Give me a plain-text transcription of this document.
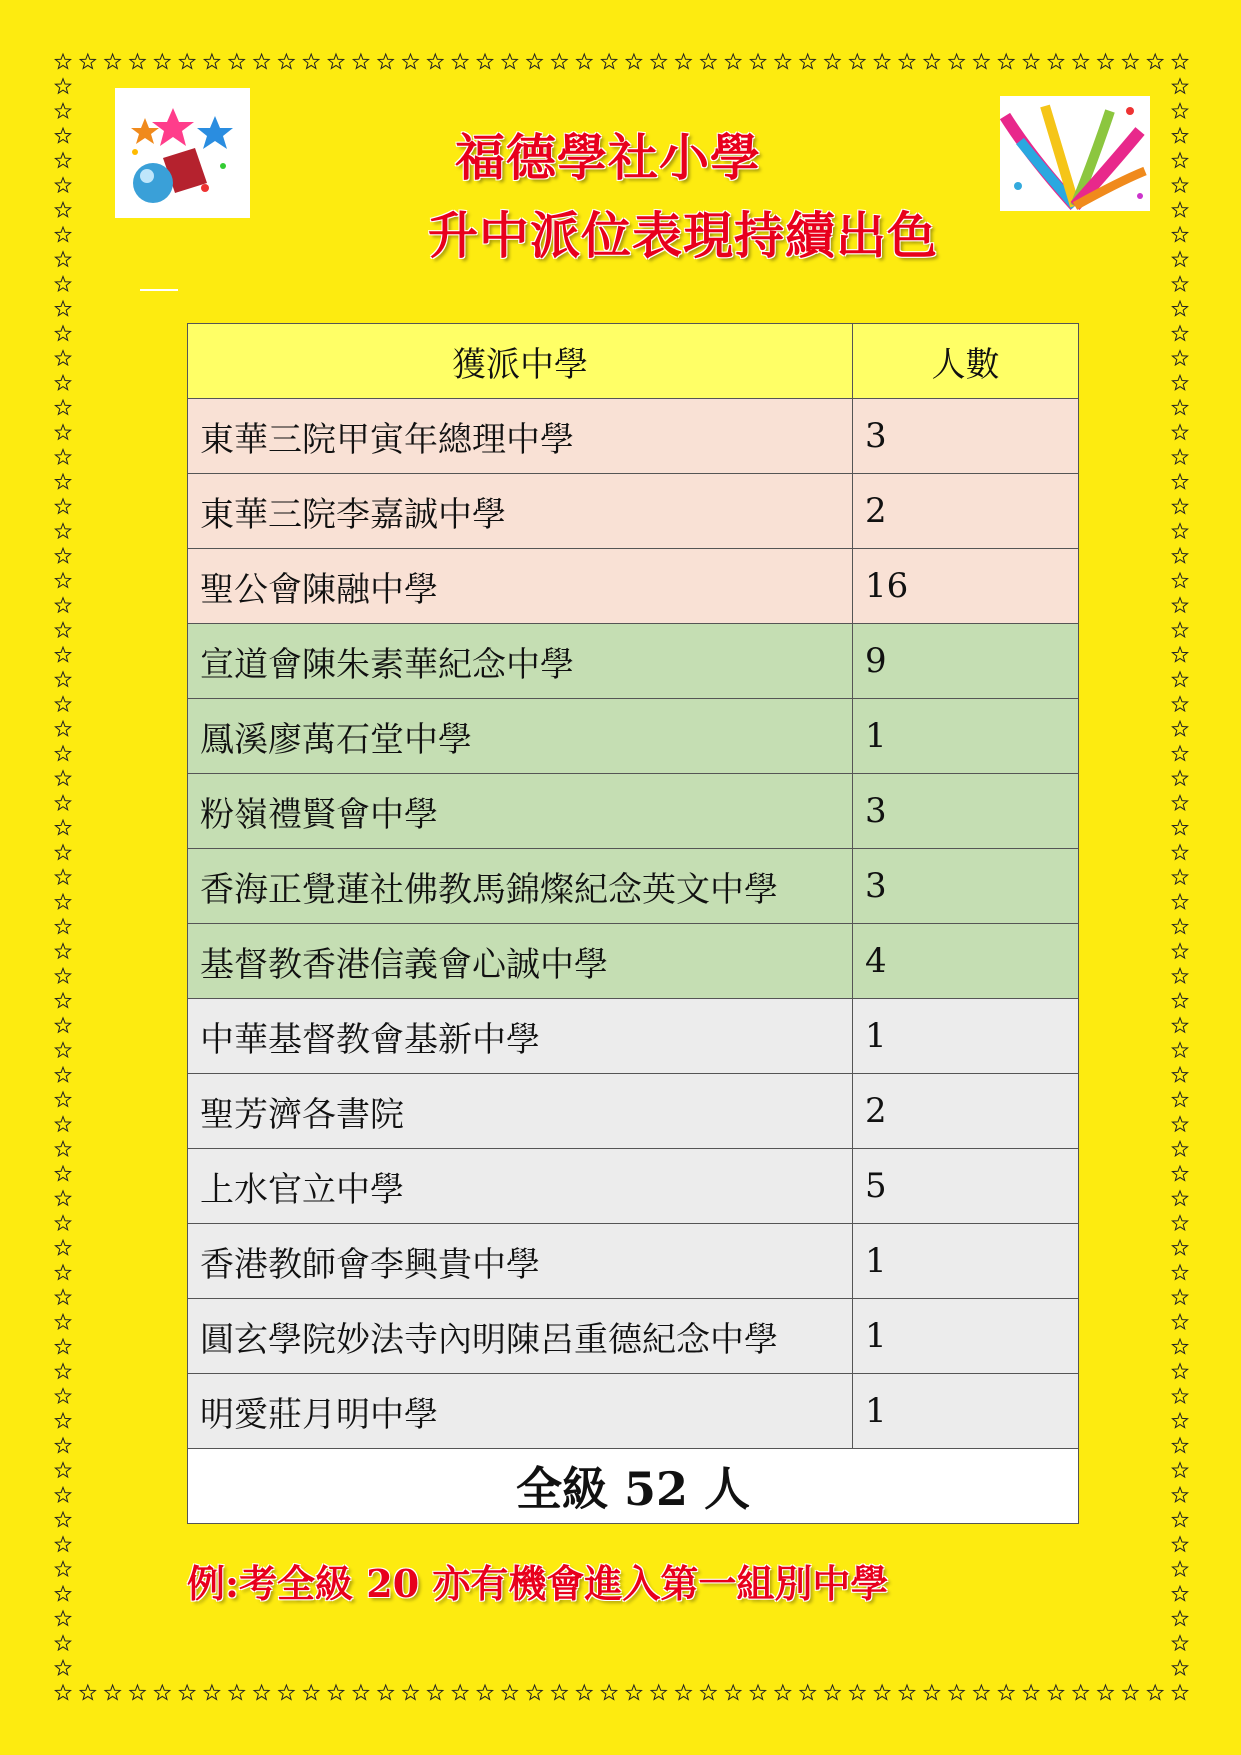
福德學社小學
升中派位表現持續出色
獲派中學	人數
東華三院甲寅年總理中學	3
東華三院李嘉誠中學	2
聖公會陳融中學	16
宣道會陳朱素華紀念中學	9
鳳溪廖萬石堂中學	1
粉嶺禮賢會中學	3
香海正覺蓮社佛教馬錦燦紀念英文中學	3
基督教香港信義會心誠中學	4
中華基督教會基新中學	1
聖芳濟各書院	2
上水官立中學	5
香港教師會李興貴中學	1
圓玄學院妙法寺內明陳呂重德紀念中學	1
明愛莊月明中學	1
全級 52 人	
例:考全級 20 亦有機會進入第一組別中學
